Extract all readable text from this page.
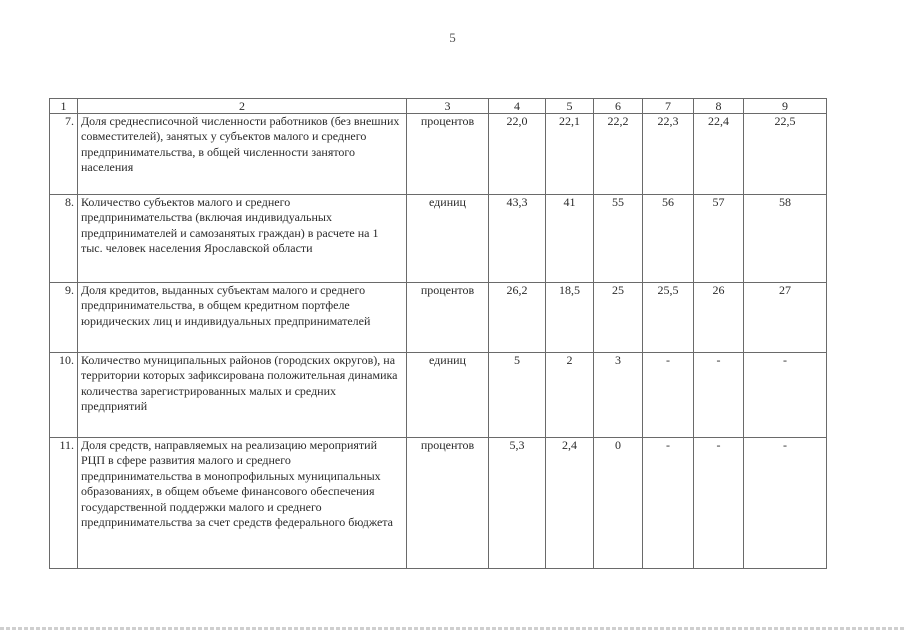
5
1	2	3	4	5	6	7	8	9
7.	Доля среднесписочной численности работников (без внешних совместителей), занятых у субъектов малого и среднего предпринимательства, в общей численности занятого населения	процентов	22,0	22,1	22,2	22,3	22,4	22,5
8.	Количество субъектов малого и среднего предпринимательства (включая индивидуальных предпринимателей и самозанятых граждан) в расчете на 1 тыс. человек населения Ярославской области	единиц	43,3	41	55	56	57	58
9.	Доля кредитов, выданных субъектам малого и среднего предпринимательства, в общем кредитном портфеле юридических лиц и индивидуальных предпринимателей	процентов	26,2	18,5	25	25,5	26	27
10.	Количество муниципальных районов (городских округов), на территории которых зафиксирована положительная динамика количества зарегистрированных малых и средних предприятий	единиц	5	2	3	-	-	-
11.	Доля средств, направляемых на реализацию мероприятий РЦП в сфере развития малого и среднего предпринимательства в монопрофильных муниципальных образованиях, в общем объеме финансового обеспечения государственной поддержки малого и среднего предпринимательства за счет средств федерального бюджета	процентов	5,3	2,4	0	-	-	-
